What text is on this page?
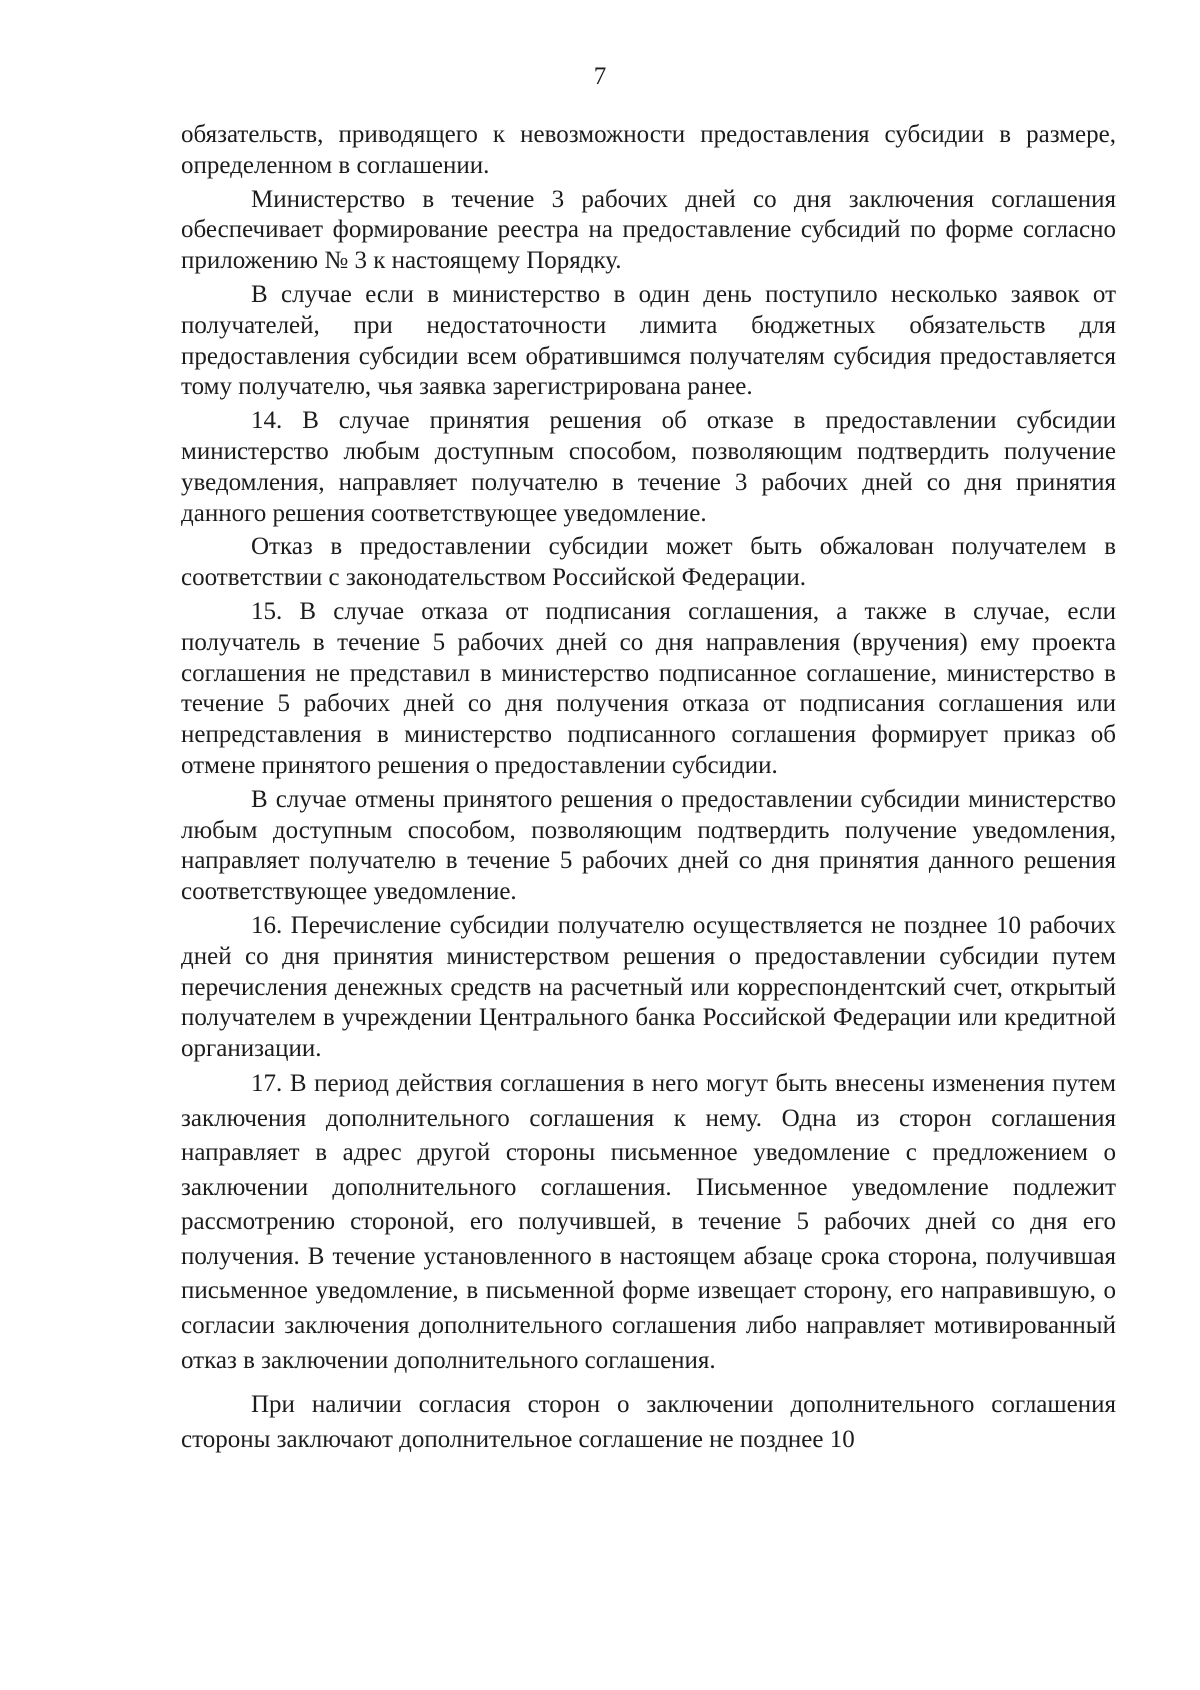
7

обязательств, приводящего к невозможности предоставления субсидии в размере, определенном в соглашении.

Министерство в течение 3 рабочих дней со дня заключения соглашения обеспечивает формирование реестра на предоставление субсидий по форме согласно приложению № 3 к настоящему Порядку.

В случае если в министерство в один день поступило несколько заявок от получателей, при недостаточности лимита бюджетных обязательств для предоставления субсидии всем обратившимся получателям субсидия предоставляется тому получателю, чья заявка зарегистрирована ранее.

14. В случае принятия решения об отказе в предоставлении субсидии министерство любым доступным способом, позволяющим подтвердить получение уведомления, направляет получателю в течение 3 рабочих дней со дня принятия данного решения соответствующее уведомление.

Отказ в предоставлении субсидии может быть обжалован получателем в соответствии с законодательством Российской Федерации.

15. В случае отказа от подписания соглашения, а также в случае, если получатель в течение 5 рабочих дней со дня направления (вручения) ему проекта соглашения не представил в министерство подписанное соглашение, министерство в течение 5 рабочих дней со дня получения отказа от подписания соглашения или непредставления в министерство подписанного соглашения формирует приказ об отмене принятого решения о предоставлении субсидии.

В случае отмены принятого решения о предоставлении субсидии министерство любым доступным способом, позволяющим подтвердить получение уведомления, направляет получателю в течение 5 рабочих дней со дня принятия данного решения соответствующее уведомление.

16. Перечисление субсидии получателю осуществляется не позднее 10 рабочих дней со дня принятия министерством решения о предоставлении субсидии путем перечисления денежных средств на расчетный или корреспондентский счет, открытый получателем в учреждении Центрального банка Российской Федерации или кредитной организации.

17. В период действия соглашения в него могут быть внесены изменения путем заключения дополнительного соглашения к нему. Одна из сторон соглашения направляет в адрес другой стороны письменное уведомление с предложением о заключении дополнительного соглашения. Письменное уведомление подлежит рассмотрению стороной, его получившей, в течение 5 рабочих дней со дня его получения. В течение установленного в настоящем абзаце срока сторона, получившая письменное уведомление, в письменной форме извещает сторону, его направившую, о согласии заключения дополнительного соглашения либо направляет мотивированный отказ в заключении дополнительного соглашения.

При наличии согласия сторон о заключении дополнительного соглашения стороны заключают дополнительное соглашение не позднее 10
